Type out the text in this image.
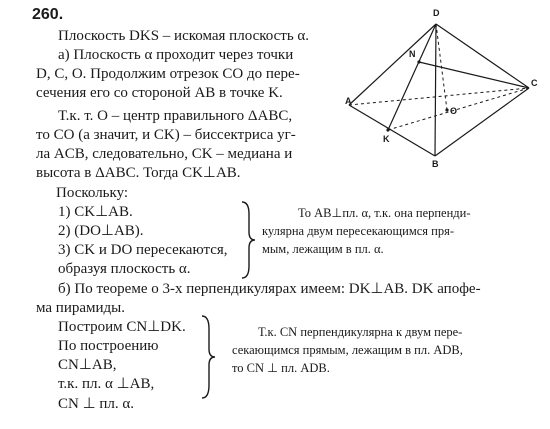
260.
Плоскость DKS – искомая плоскость α.
а) Плоскость α проходит через точки
D, C, O. Продолжим отрезок CO до пере-
сечения его со стороной AB в точке K.
Т.к. т. O – центр правильного ΔABC,
то CO (а значит, и CK) – биссектриса уг-
ла ACB, следовательно, CK – медиана и
высота в ΔABC. Тогда CK⊥AB.
Поскольку:
1) CK⊥AB.
2) (DO⊥AB).
3) CK и DO пересекаются,
образуя плоскость α.
То AB⊥пл. α, т.к. она перпенди-
кулярна двум пересекающимся пря-
мым, лежащим в пл. α.
б) По теореме о 3-х перпендикулярах имеем: DK⊥AB. DK апофе-
ма пирамиды.
Построим CN⊥DK.
По построению
CN⊥AB,
т.к. пл. α ⊥AB,
CN ⊥ пл. α.
Т.к. CN перпендикулярна к двум пере-
секающимся прямым, лежащим в пл. ADB,
то CN ⊥ пл. ADB.
D
N
A
K
O
C
B
